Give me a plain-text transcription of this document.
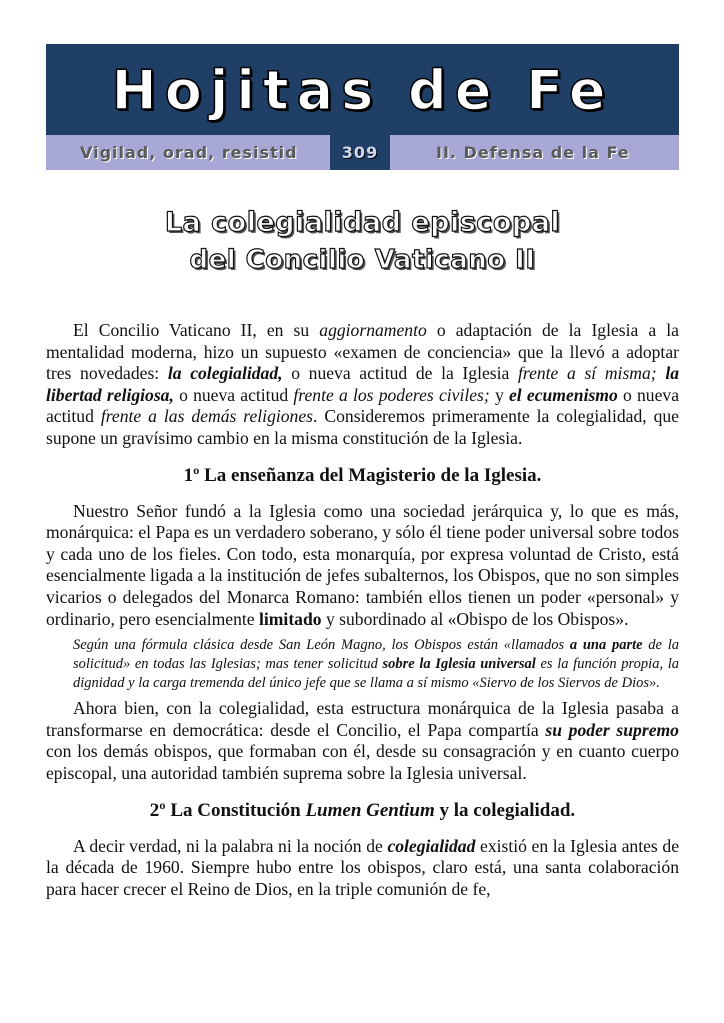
Hojitas de Fe
Vigilad, orad, resistid	309	II. Defensa de la Fe
La colegialidad episcopal
del Concilio Vaticano II

El Concilio Vaticano II, en su aggiornamento o adaptación de la Iglesia a la mentalidad moderna, hizo un supuesto «examen de conciencia» que la llevó a adoptar tres novedades: la colegialidad, o nueva actitud de la Iglesia frente a sí misma; la libertad religiosa, o nueva actitud frente a los poderes civiles; y el ecumenismo o nueva actitud frente a las demás religiones. Consideremos primeramente la colegialidad, que supone un gravísimo cambio en la misma constitución de la Iglesia.

1º La enseñanza del Magisterio de la Iglesia.

Nuestro Señor fundó a la Iglesia como una sociedad jerárquica y, lo que es más, monárquica: el Papa es un verdadero soberano, y sólo él tiene poder universal sobre todos y cada uno de los fieles. Con todo, esta monarquía, por expresa voluntad de Cristo, está esencialmente ligada a la institución de jefes subalternos, los Obispos, que no son simples vicarios o delegados del Monarca Romano: también ellos tienen un poder «personal» y ordinario, pero esencialmente limitado y subordinado al «Obispo de los Obispos».

Según una fórmula clásica desde San León Magno, los Obispos están «llamados a una parte de la solicitud» en todas las Iglesias; mas tener solicitud sobre la Iglesia universal es la función propia, la dignidad y la carga tremenda del único jefe que se llama a sí mismo «Siervo de los Siervos de Dios».

Ahora bien, con la colegialidad, esta estructura monárquica de la Iglesia pasaba a transformarse en democrática: desde el Concilio, el Papa compartía su poder supremo con los demás obispos, que formaban con él, desde su consagración y en cuanto cuerpo episcopal, una autoridad también suprema sobre la Iglesia universal.

2º La Constitución Lumen Gentium y la colegialidad.

A decir verdad, ni la palabra ni la noción de colegialidad existió en la Iglesia antes de la década de 1960. Siempre hubo entre los obispos, claro está, una santa colaboración para hacer crecer el Reino de Dios, en la triple comunión de fe,
